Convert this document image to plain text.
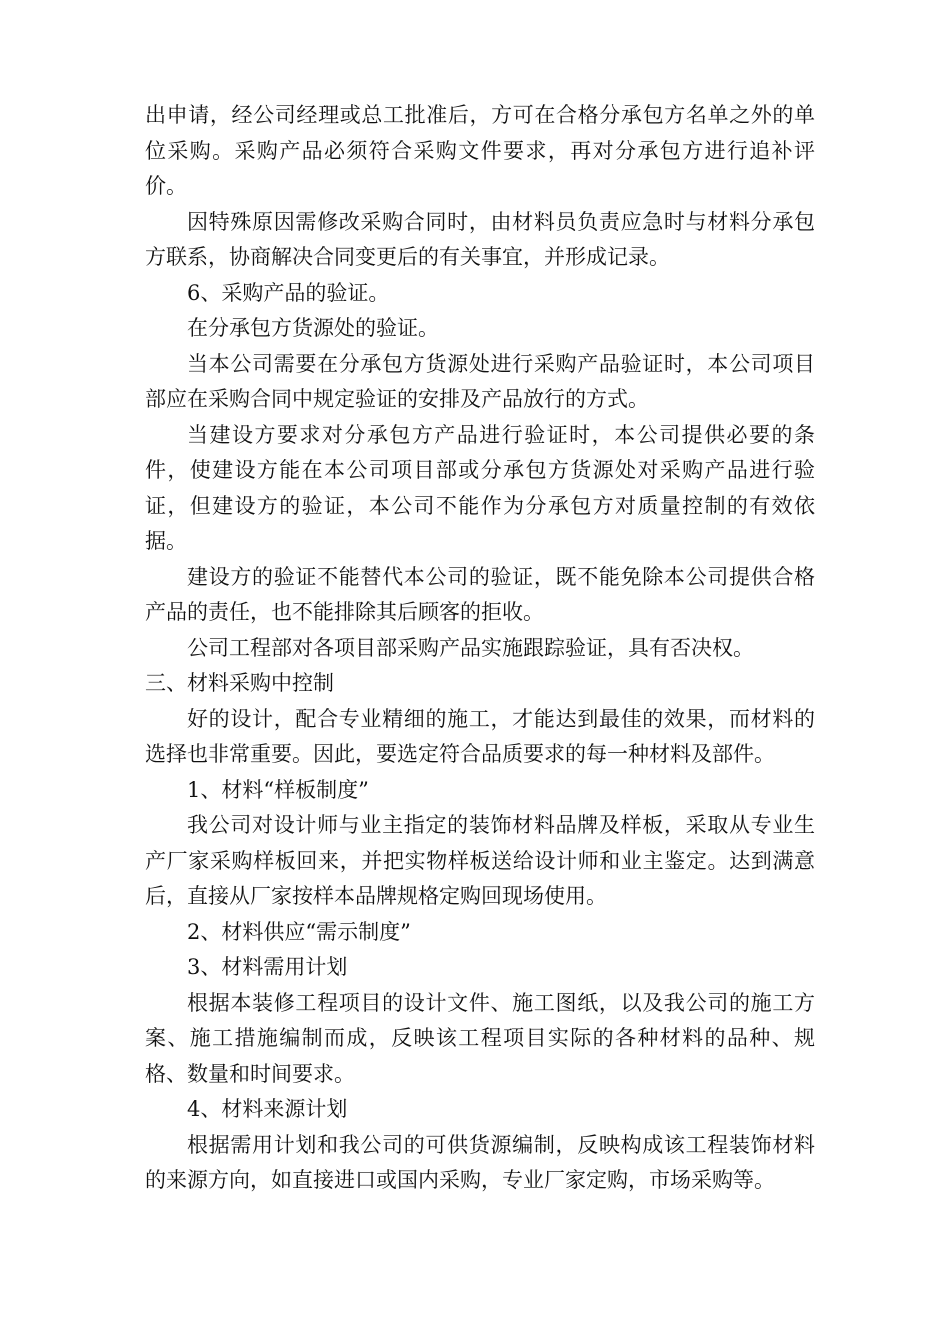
出申请，经公司经理或总工批准后，方可在合格分承包方名单之外的单位采购。采购产品必须符合采购文件要求，再对分承包方进行追补评价。

因特殊原因需修改采购合同时，由材料员负责应急时与材料分承包方联系，协商解决合同变更后的有关事宜，并形成记录。

6、采购产品的验证。

在分承包方货源处的验证。

当本公司需要在分承包方货源处进行采购产品验证时，本公司项目部应在采购合同中规定验证的安排及产品放行的方式。

当建设方要求对分承包方产品进行验证时，本公司提供必要的条件，使建设方能在本公司项目部或分承包方货源处对采购产品进行验证，但建设方的验证，本公司不能作为分承包方对质量控制的有效依据。

建设方的验证不能替代本公司的验证，既不能免除本公司提供合格产品的责任，也不能排除其后顾客的拒收。

公司工程部对各项目部采购产品实施跟踪验证，具有否决权。

三、材料采购中控制

好的设计，配合专业精细的施工，才能达到最佳的效果，而材料的选择也非常重要。因此，要选定符合品质要求的每一种材料及部件。

1、材料“样板制度”

我公司对设计师与业主指定的装饰材料品牌及样板，采取从专业生产厂家采购样板回来，并把实物样板送给设计师和业主鉴定。达到满意后，直接从厂家按样本品牌规格定购回现场使用。

2、材料供应“需示制度”

3、材料需用计划

根据本装修工程项目的设计文件、施工图纸，以及我公司的施工方案、施工措施编制而成，反映该工程项目实际的各种材料的品种、规格、数量和时间要求。

4、材料来源计划

根据需用计划和我公司的可供货源编制，反映构成该工程装饰材料的来源方向，如直接进口或国内采购，专业厂家定购，市场采购等。
